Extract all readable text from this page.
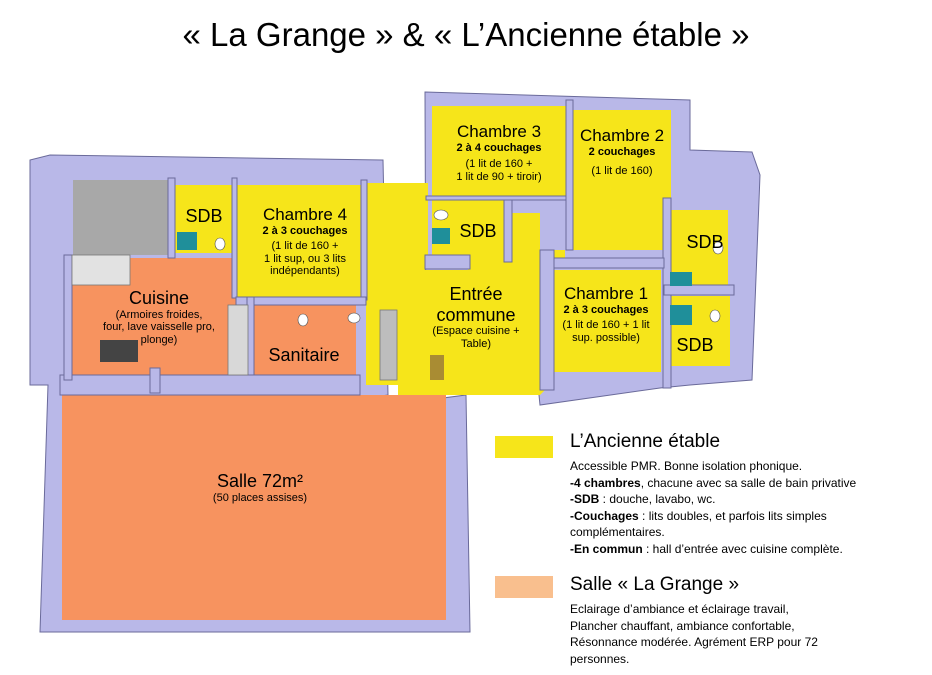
« La Grange » & « L’Ancienne étable »
Chambre 3
2 à 4 couchages
(1 lit de 160 +
1 lit de 90 + tiroir)
Chambre 2
2 couchages
(1 lit de 160)
Chambre 4
2 à 3 couchages
(1 lit de 160 +
1 lit sup, ou 3 lits
indépendants)
Chambre 1
2 à 3 couchages
(1 lit de 160 + 1 lit
sup. possible)
SDB
SDB
SDB
SDB
Cuisine
(Armoires froides,
four, lave vaisselle pro,
plonge)
Sanitaire
Entrée
commune
(Espace cuisine +
Table)
Salle 72m²
(50 places assises)
L’Ancienne étable
Accessible PMR. Bonne isolation phonique.
-4 chambres, chacune avec sa salle de bain privative
-SDB : douche, lavabo, wc.
-Couchages : lits doubles, et parfois lits simples
complémentaires.
-En commun : hall d’entrée avec cuisine complète.
Salle « La Grange »
Eclairage d’ambiance et éclairage travail,
Plancher chauffant, ambiance confortable,
Résonnance modérée. Agrément ERP pour 72
personnes.
